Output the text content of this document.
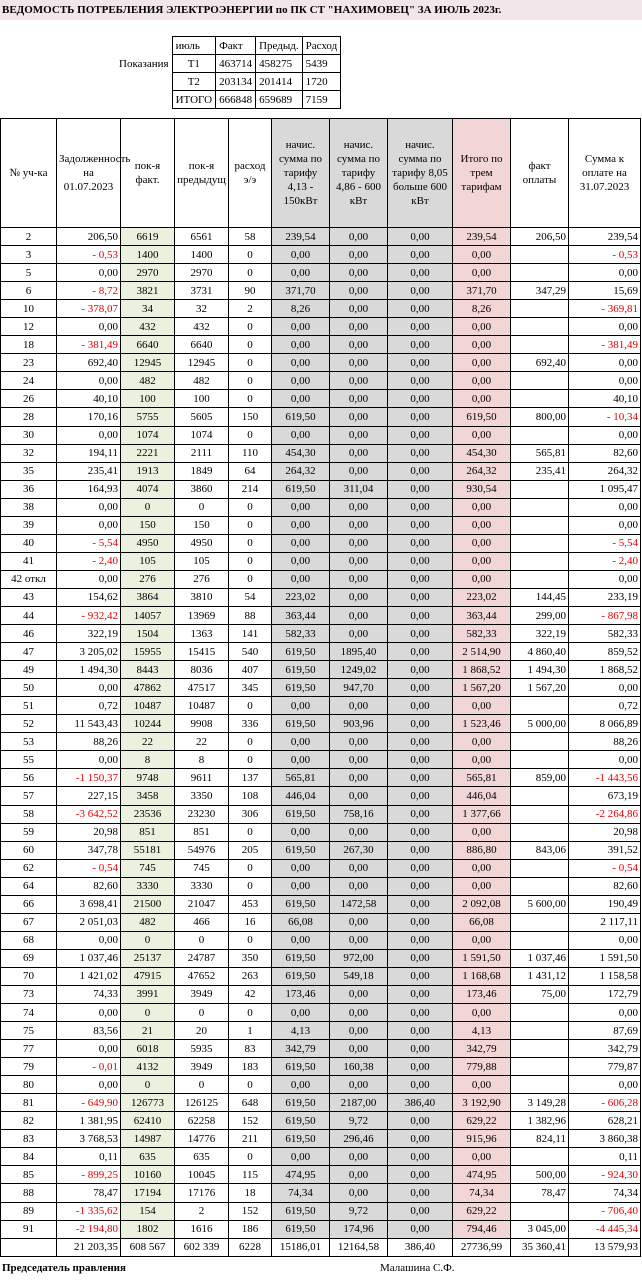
ВЕДОМОСТЬ ПОТРЕБЛЕНИЯ ЭЛЕКТРОЭНЕРГИИ по ПК СТ "НАХИМОВЕЦ" ЗА ИЮЛЬ 2023г.
	июль	Факт	Предыд.	Расход
Показания	Т1	463714	458275	5439
	Т2	203134	201414	1720
	ИТОГО	666848	659689	7159
№ уч-ка	Задолженность на 01.07.2023	пок-я факт.	пок-я предыдущ	расход э/э	начис. сумма по тарифу 4,13 - 150кВт	начис. сумма по тарифу 4,86 - 600 кВт	начис. сумма по тарифу 8,05 больше 600 кВт	Итого по трем тарифам	факт оплаты	Сумма к оплате на 31.07.2023
2	206,50	6619	6561	58	239,54	0,00	0,00	239,54	206,50	239,54
3	- 0,53	1400	1400	0	0,00	0,00	0,00	0,00		- 0,53
5	0,00	2970	2970	0	0,00	0,00	0,00	0,00		0,00
6	- 8,72	3821	3731	90	371,70	0,00	0,00	371,70	347,29	15,69
10	- 378,07	34	32	2	8,26	0,00	0,00	8,26		- 369,81
12	0,00	432	432	0	0,00	0,00	0,00	0,00		0,00
18	- 381,49	6640	6640	0	0,00	0,00	0,00	0,00		- 381,49
23	692,40	12945	12945	0	0,00	0,00	0,00	0,00	692,40	0,00
24	0,00	482	482	0	0,00	0,00	0,00	0,00		0,00
26	40,10	100	100	0	0,00	0,00	0,00	0,00		40,10
28	170,16	5755	5605	150	619,50	0,00	0,00	619,50	800,00	- 10,34
30	0,00	1074	1074	0	0,00	0,00	0,00	0,00		0,00
32	194,11	2221	2111	110	454,30	0,00	0,00	454,30	565,81	82,60
35	235,41	1913	1849	64	264,32	0,00	0,00	264,32	235,41	264,32
36	164,93	4074	3860	214	619,50	311,04	0,00	930,54		1 095,47
38	0,00	0	0	0	0,00	0,00	0,00	0,00		0,00
39	0,00	150	150	0	0,00	0,00	0,00	0,00		0,00
40	- 5,54	4950	4950	0	0,00	0,00	0,00	0,00		- 5,54
41	- 2,40	105	105	0	0,00	0,00	0,00	0,00		- 2,40
42 откл	0,00	276	276	0	0,00	0,00	0,00	0,00		0,00
43	154,62	3864	3810	54	223,02	0,00	0,00	223,02	144,45	233,19
44	- 932,42	14057	13969	88	363,44	0,00	0,00	363,44	299,00	- 867,98
46	322,19	1504	1363	141	582,33	0,00	0,00	582,33	322,19	582,33
47	3 205,02	15955	15415	540	619,50	1895,40	0,00	2 514,90	4 860,40	859,52
49	1 494,30	8443	8036	407	619,50	1249,02	0,00	1 868,52	1 494,30	1 868,52
50	0,00	47862	47517	345	619,50	947,70	0,00	1 567,20	1 567,20	0,00
51	0,72	10487	10487	0	0,00	0,00	0,00	0,00		0,72
52	11 543,43	10244	9908	336	619,50	903,96	0,00	1 523,46	5 000,00	8 066,89
53	88,26	22	22	0	0,00	0,00	0,00	0,00		88,26
55	0,00	8	8	0	0,00	0,00	0,00	0,00		0,00
56	-1 150,37	9748	9611	137	565,81	0,00	0,00	565,81	859,00	-1 443,56
57	227,15	3458	3350	108	446,04	0,00	0,00	446,04		673,19
58	-3 642,52	23536	23230	306	619,50	758,16	0,00	1 377,66		-2 264,86
59	20,98	851	851	0	0,00	0,00	0,00	0,00		20,98
60	347,78	55181	54976	205	619,50	267,30	0,00	886,80	843,06	391,52
62	- 0,54	745	745	0	0,00	0,00	0,00	0,00		- 0,54
64	82,60	3330	3330	0	0,00	0,00	0,00	0,00		82,60
66	3 698,41	21500	21047	453	619,50	1472,58	0,00	2 092,08	5 600,00	190,49
67	2 051,03	482	466	16	66,08	0,00	0,00	66,08		2 117,11
68	0,00	0	0	0	0,00	0,00	0,00	0,00		0,00
69	1 037,46	25137	24787	350	619,50	972,00	0,00	1 591,50	1 037,46	1 591,50
70	1 421,02	47915	47652	263	619,50	549,18	0,00	1 168,68	1 431,12	1 158,58
73	74,33	3991	3949	42	173,46	0,00	0,00	173,46	75,00	172,79
74	0,00	0	0	0	0,00	0,00	0,00	0,00		0,00
75	83,56	21	20	1	4,13	0,00	0,00	4,13		87,69
77	0,00	6018	5935	83	342,79	0,00	0,00	342,79		342,79
79	- 0,01	4132	3949	183	619,50	160,38	0,00	779,88		779,87
80	0,00	0	0	0	0,00	0,00	0,00	0,00		0,00
81	- 649,90	126773	126125	648	619,50	2187,00	386,40	3 192,90	3 149,28	- 606,28
82	1 381,95	62410	62258	152	619,50	9,72	0,00	629,22	1 382,96	628,21
83	3 768,53	14987	14776	211	619,50	296,46	0,00	915,96	824,11	3 860,38
84	0,11	635	635	0	0,00	0,00	0,00	0,00		0,11
85	- 899,25	10160	10045	115	474,95	0,00	0,00	474,95	500,00	- 924,30
88	78,47	17194	17176	18	74,34	0,00	0,00	74,34	78,47	74,34
89	-1 335,62	154	2	152	619,50	9,72	0,00	629,22		- 706,40
91	-2 194,80	1802	1616	186	619,50	174,96	0,00	794,46	3 045,00	-4 445,34
	21 203,35	608 567	602 339	6228	15186,01	12164,58	386,40	27736,99	35 360,41	13 579,93
Председатель правления	Малашина С.Ф.
